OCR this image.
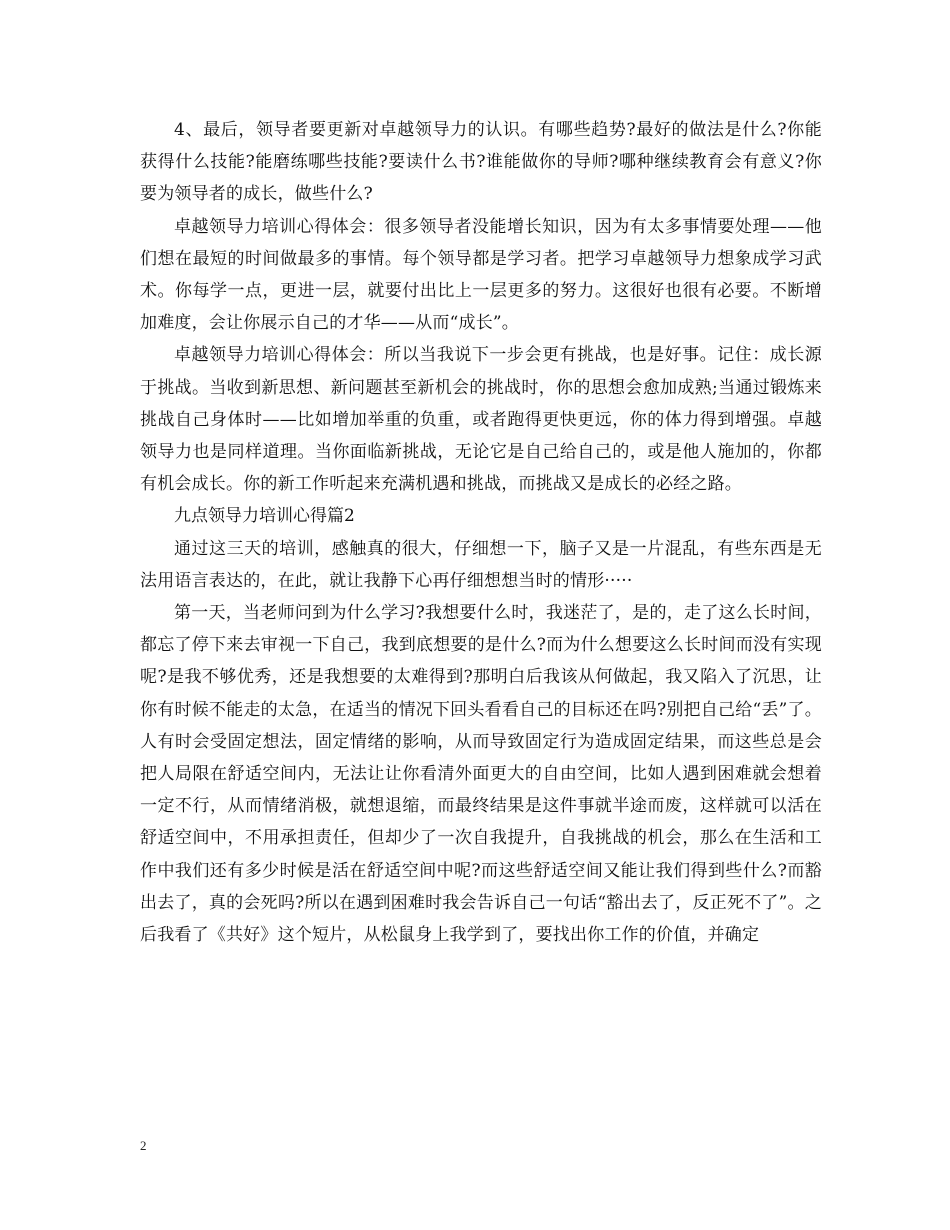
4、最后，领导者要更新对卓越领导力的认识。有哪些趋势?最好的做法是什么?你能获得什么技能?能磨练哪些技能?要读什么书?谁能做你的导师?哪种继续教育会有意义?你要为领导者的成长，做些什么?

卓越领导力培训心得体会：很多领导者没能增长知识，因为有太多事情要处理——他们想在最短的时间做最多的事情。每个领导都是学习者。把学习卓越领导力想象成学习武术。你每学一点，更进一层，就要付出比上一层更多的努力。这很好也很有必要。不断增加难度，会让你展示自己的才华——从而“成长”。

卓越领导力培训心得体会：所以当我说下一步会更有挑战，也是好事。记住：成长源于挑战。当收到新思想、新问题甚至新机会的挑战时，你的思想会愈加成熟;当通过锻炼来挑战自己身体时——比如增加举重的负重，或者跑得更快更远，你的体力得到增强。卓越领导力也是同样道理。当你面临新挑战，无论它是自己给自己的，或是他人施加的，你都有机会成长。你的新工作听起来充满机遇和挑战，而挑战又是成长的必经之路。

九点领导力培训心得篇2

通过这三天的培训，感触真的很大，仔细想一下，脑子又是一片混乱，有些东西是无法用语言表达的，在此，就让我静下心再仔细想想当时的情形·····

第一天，当老师问到为什么学习?我想要什么时，我迷茫了，是的，走了这么长时间，都忘了停下来去审视一下自己，我到底想要的是什么?而为什么想要这么长时间而没有实现呢?是我不够优秀，还是我想要的太难得到?那明白后我该从何做起，我又陷入了沉思，让你有时候不能走的太急，在适当的情况下回头看看自己的目标还在吗?别把自己给“丢”了。人有时会受固定想法，固定情绪的影响，从而导致固定行为造成固定结果，而这些总是会把人局限在舒适空间内，无法让让你看清外面更大的自由空间，比如人遇到困难就会想着一定不行，从而情绪消极，就想退缩，而最终结果是这件事就半途而废，这样就可以活在舒适空间中，不用承担责任，但却少了一次自我提升，自我挑战的机会，那么在生活和工作中我们还有多少时候是活在舒适空间中呢?而这些舒适空间又能让我们得到些什么?而豁出去了，真的会死吗?所以在遇到困难时我会告诉自己一句话“豁出去了，反正死不了”。之后我看了《共好》这个短片，从松鼠身上我学到了，要找出你工作的价值，并确定

2
